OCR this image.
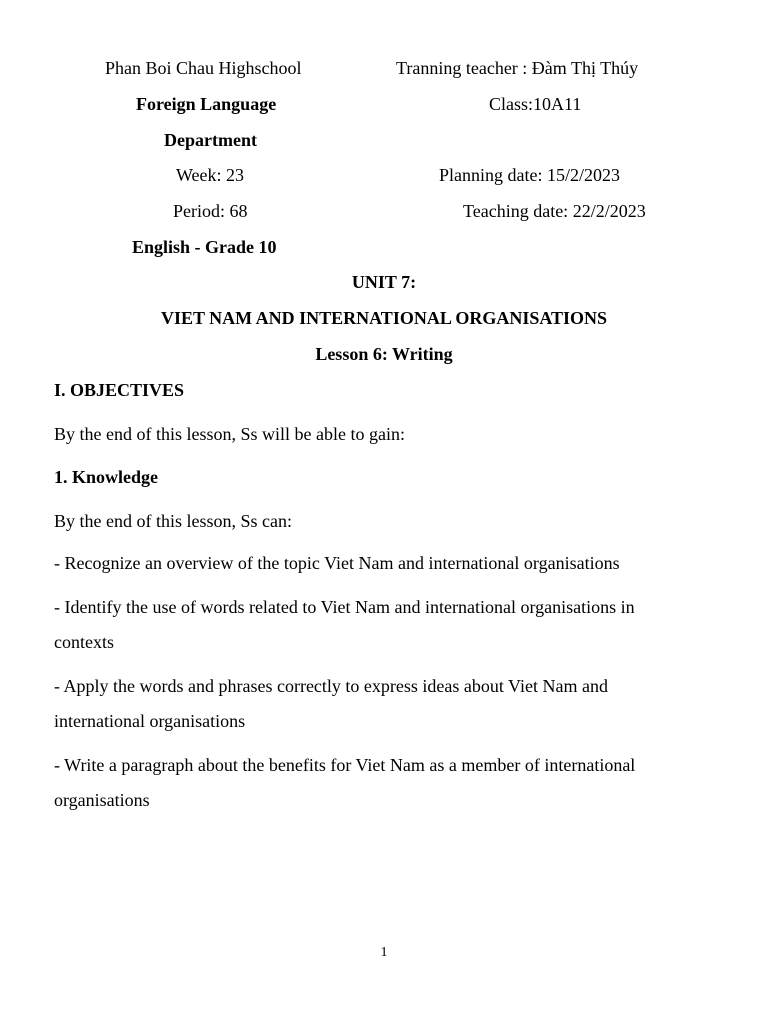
Phan Boi Chau Highschool	Tranning teacher : Đàm Thị Thúy
Foreign Language	Class:10A11
Department
Week: 23	Planning date: 15/2/2023
Period: 68	Teaching date: 22/2/2023
English - Grade 10
UNIT 7:
VIET NAM AND INTERNATIONAL ORGANISATIONS
Lesson 6: Writing
I. OBJECTIVES
By the end of this lesson, Ss will be able to gain:
1. Knowledge
By the end of this lesson, Ss can:
- Recognize an overview of the topic Viet Nam and international organisations
- Identify the use of words related to Viet Nam and international organisations in
contexts
- Apply the words and phrases correctly to express ideas about Viet Nam and
international organisations
- Write a paragraph about the benefits for Viet Nam as a member of international
organisations
1
